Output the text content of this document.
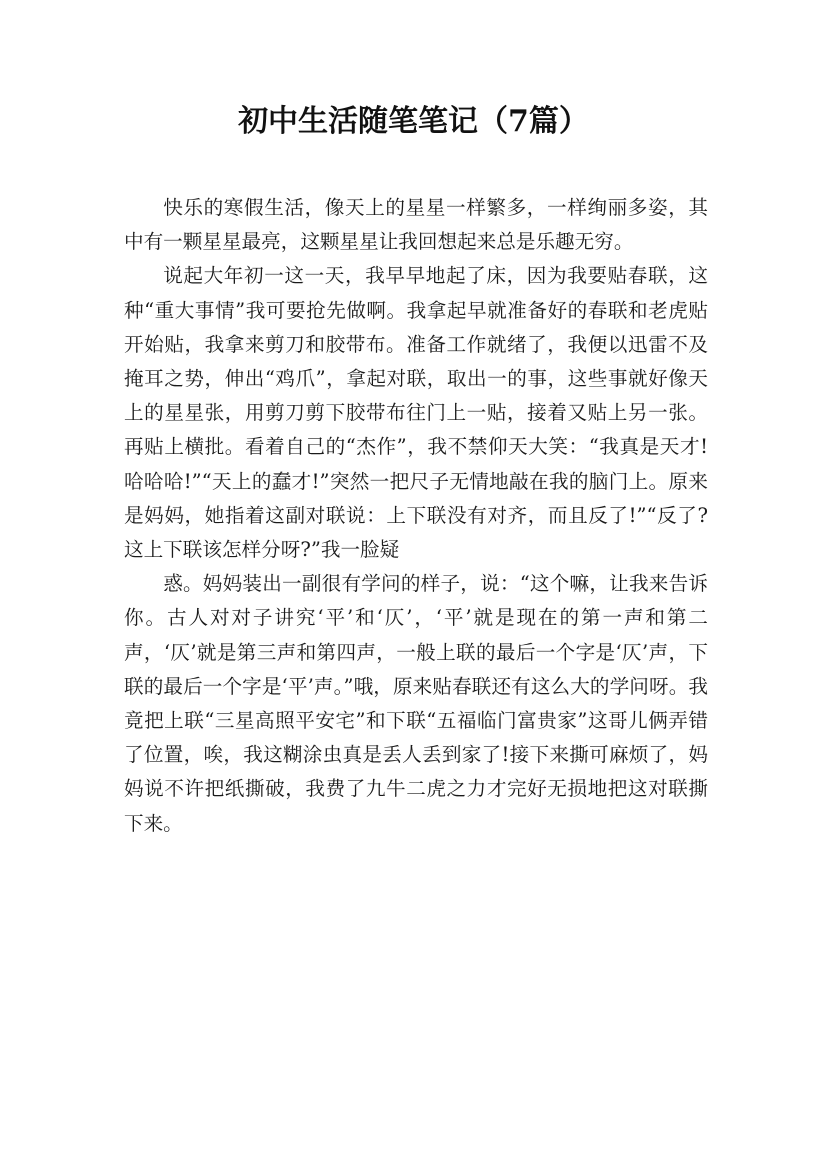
初中生活随笔笔记（7篇）

快乐的寒假生活，像天上的星星一样繁多，一样绚丽多姿，其中有一颗星星最亮，这颗星星让我回想起来总是乐趣无穷。

说起大年初一这一天，我早早地起了床，因为我要贴春联，这种“重大事情”我可要抢先做啊。我拿起早就准备好的春联和老虎贴开始贴，我拿来剪刀和胶带布。准备工作就绪了，我便以迅雷不及掩耳之势，伸出“鸡爪”，拿起对联，取出一的事，这些事就好像天上的星星张，用剪刀剪下胶带布往门上一贴，接着又贴上另一张。再贴上横批。看着自己的“杰作”，我不禁仰天大笑：“我真是天才!哈哈哈!”“天上的蠢才!”突然一把尺子无情地敲在我的脑门上。原来是妈妈，她指着这副对联说：上下联没有对齐，而且反了!”“反了?这上下联该怎样分呀?”我一脸疑

惑。妈妈装出一副很有学问的样子，说：“这个嘛，让我来告诉你。古人对对子讲究‘平’和‘仄’，‘平’就是现在的第一声和第二声，‘仄’就是第三声和第四声，一般上联的最后一个字是‘仄’声，下联的最后一个字是‘平’声。”哦，原来贴春联还有这么大的学问呀。我竟把上联“三星高照平安宅”和下联“五福临门富贵家”这哥儿俩弄错了位置，唉，我这糊涂虫真是丢人丢到家了!接下来撕可麻烦了，妈妈说不许把纸撕破，我费了九牛二虎之力才完好无损地把这对联撕下来。
